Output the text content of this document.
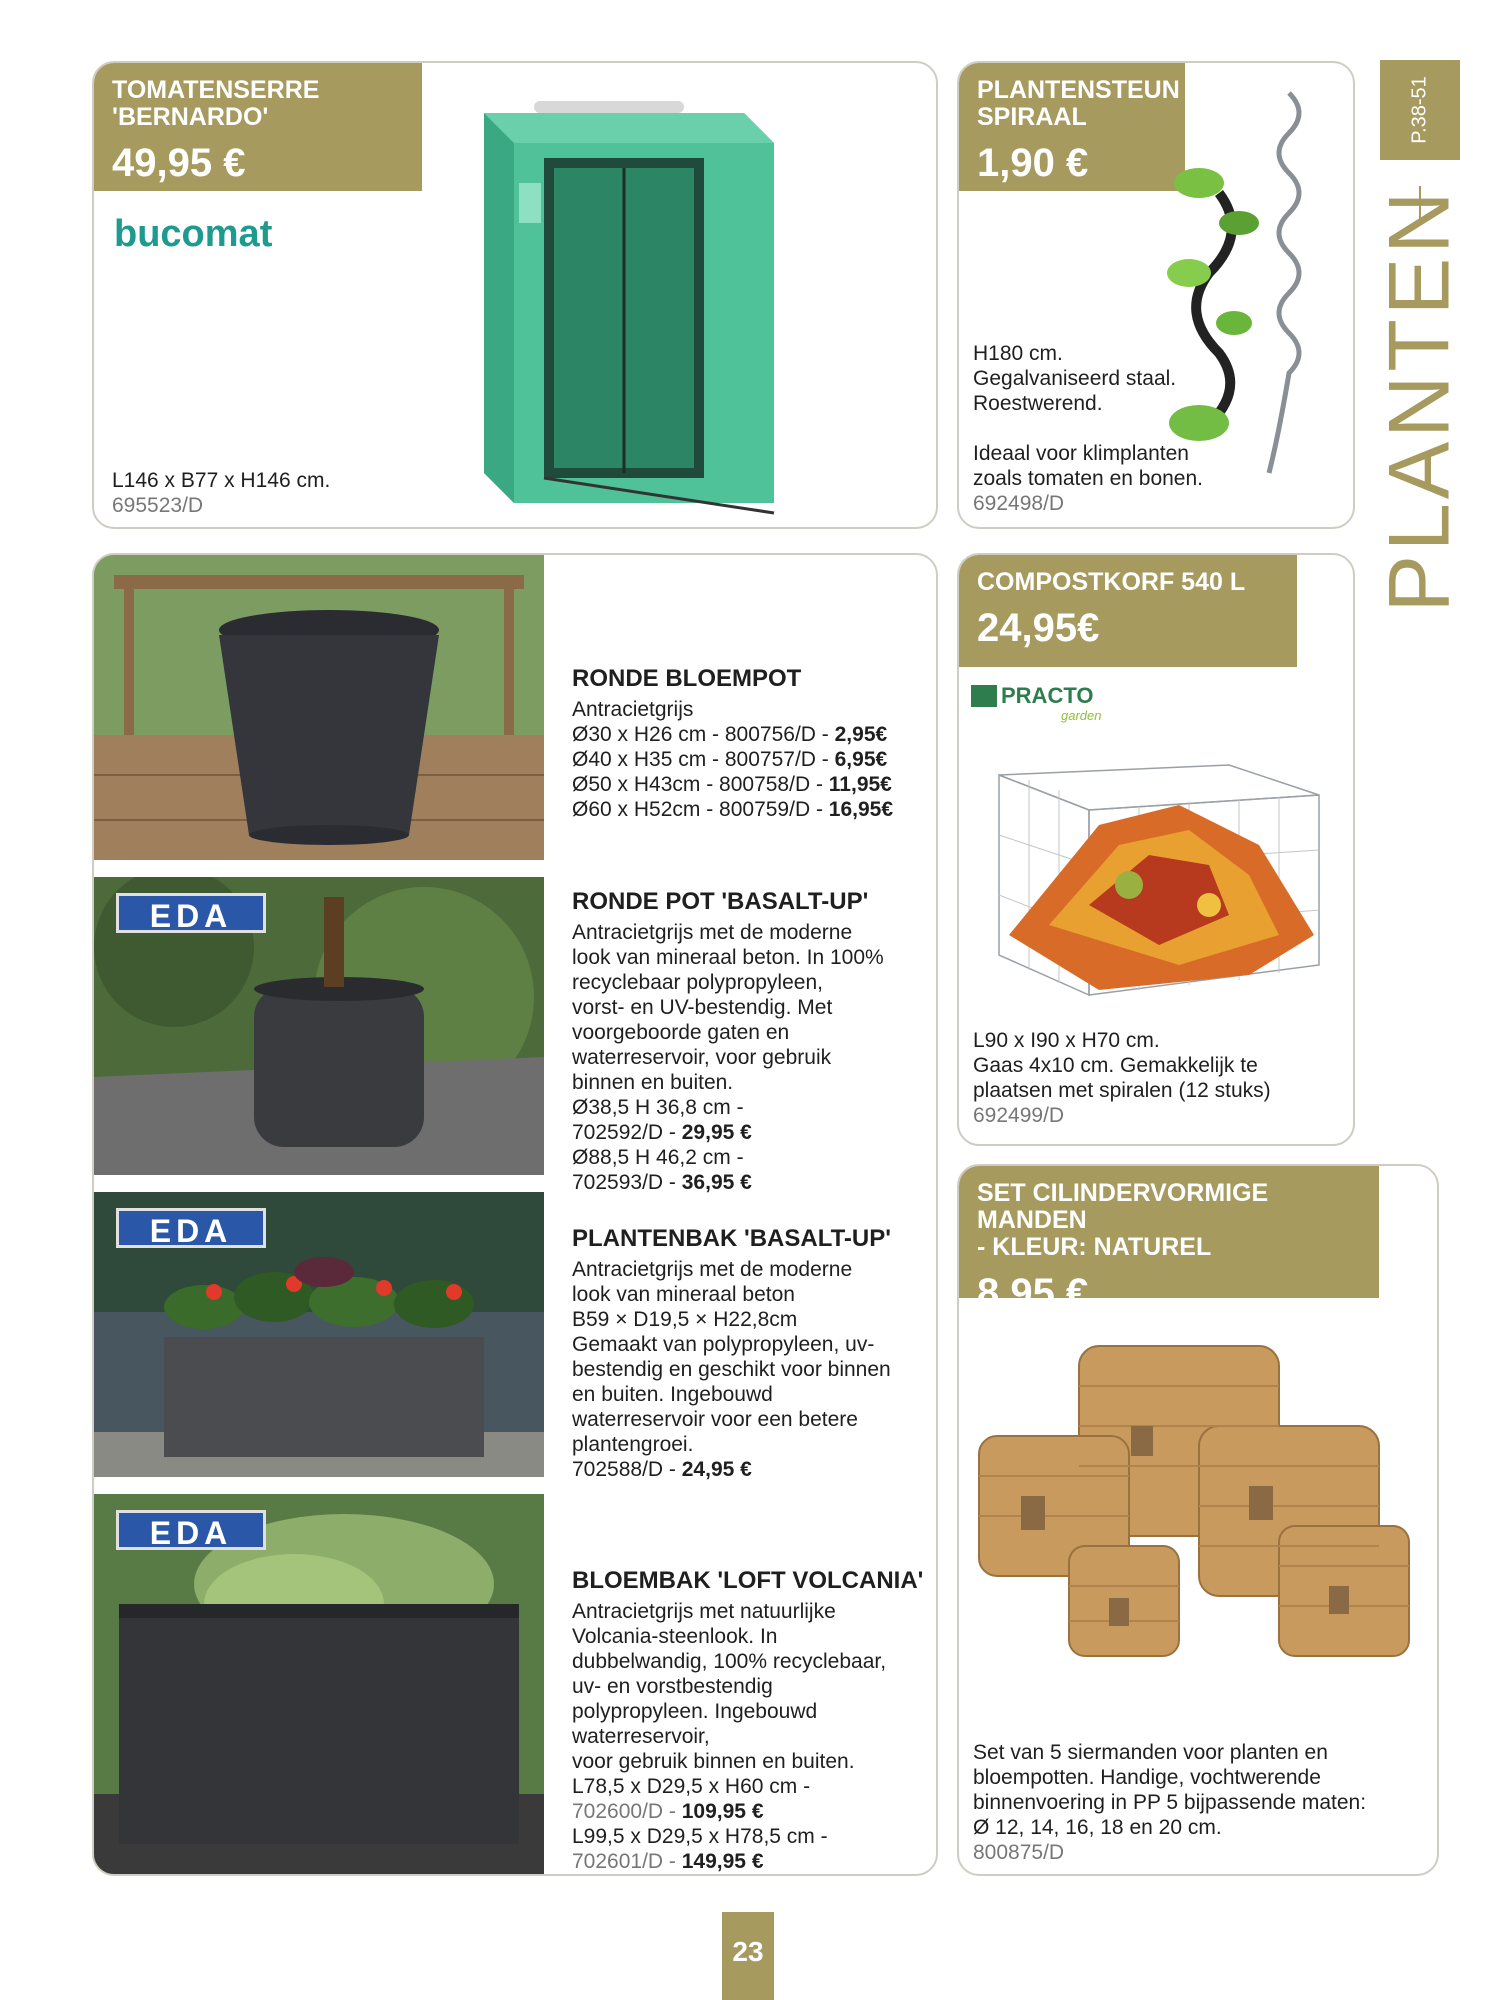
TOMATENSERRE
'BERNARDO'
49,95 €
bucomat
L146 x B77 x H146 cm.
695523/D
PLANTENSTEUN
SPIRAAL
1,90 €
H180 cm.
Gegalvaniseerd staal.
Roestwerend.
Ideaal voor klimplanten
zoals tomaten en bonen.
692498/D
P.38-51
PLANTEN
RONDE BLOEMPOT
Antracietgrijs
Ø30 x H26 cm - 800756/D - 2,95€
Ø40 x H35 cm - 800757/D - 6,95€
Ø50 x H43cm - 800758/D - 11,95€
Ø60 x H52cm - 800759/D - 16,95€
EDA	RONDE POT 'BASALT-UP'
Antracietgrijs met de moderne
look van mineraal beton. In 100%
recyclebaar polypropyleen,
vorst- en UV-bestendig. Met
voorgeboorde gaten en
waterreservoir, voor gebruik
binnen en buiten.
Ø38,5 H 36,8 cm -
702592/D - 29,95 €
Ø88,5 H 46,2 cm -
702593/D - 36,95 €
EDA	PLANTENBAK 'BASALT-UP'
Antracietgrijs met de moderne
look van mineraal beton
B59 × D19,5 × H22,8cm
Gemaakt van polypropyleen, uv-
bestendig en geschikt voor binnen
en buiten. Ingebouwd
waterreservoir voor een betere
plantengroei.
702588/D - 24,95 €
EDA
BLOEMBAK 'LOFT VOLCANIA'
Antracietgrijs met natuurlijke
Volcania-steenlook. In
dubbelwandig, 100% recyclebaar,
uv- en vorstbestendig
polypropyleen. Ingebouwd
waterreservoir,
voor gebruik binnen en buiten.
L78,5 x D29,5 x H60 cm -
702600/D - 109,95 €
L99,5 x D29,5 x H78,5 cm -
702601/D - 149,95 €
COMPOSTKORF 540 L
24,95€
PRACTO
garden
L90 x I90 x H70 cm.
Gaas 4x10 cm. Gemakkelijk te
plaatsen met spiralen (12 stuks)
692499/D
SET CILINDERVORMIGE MANDEN
- KLEUR: NATUREL
8,95 €
Set van 5 siermanden voor planten en
bloempotten. Handige, vochtwerende
binnenvoering in PP 5 bijpassende maten:
Ø 12, 14, 16, 18 en 20 cm.
800875/D
23
